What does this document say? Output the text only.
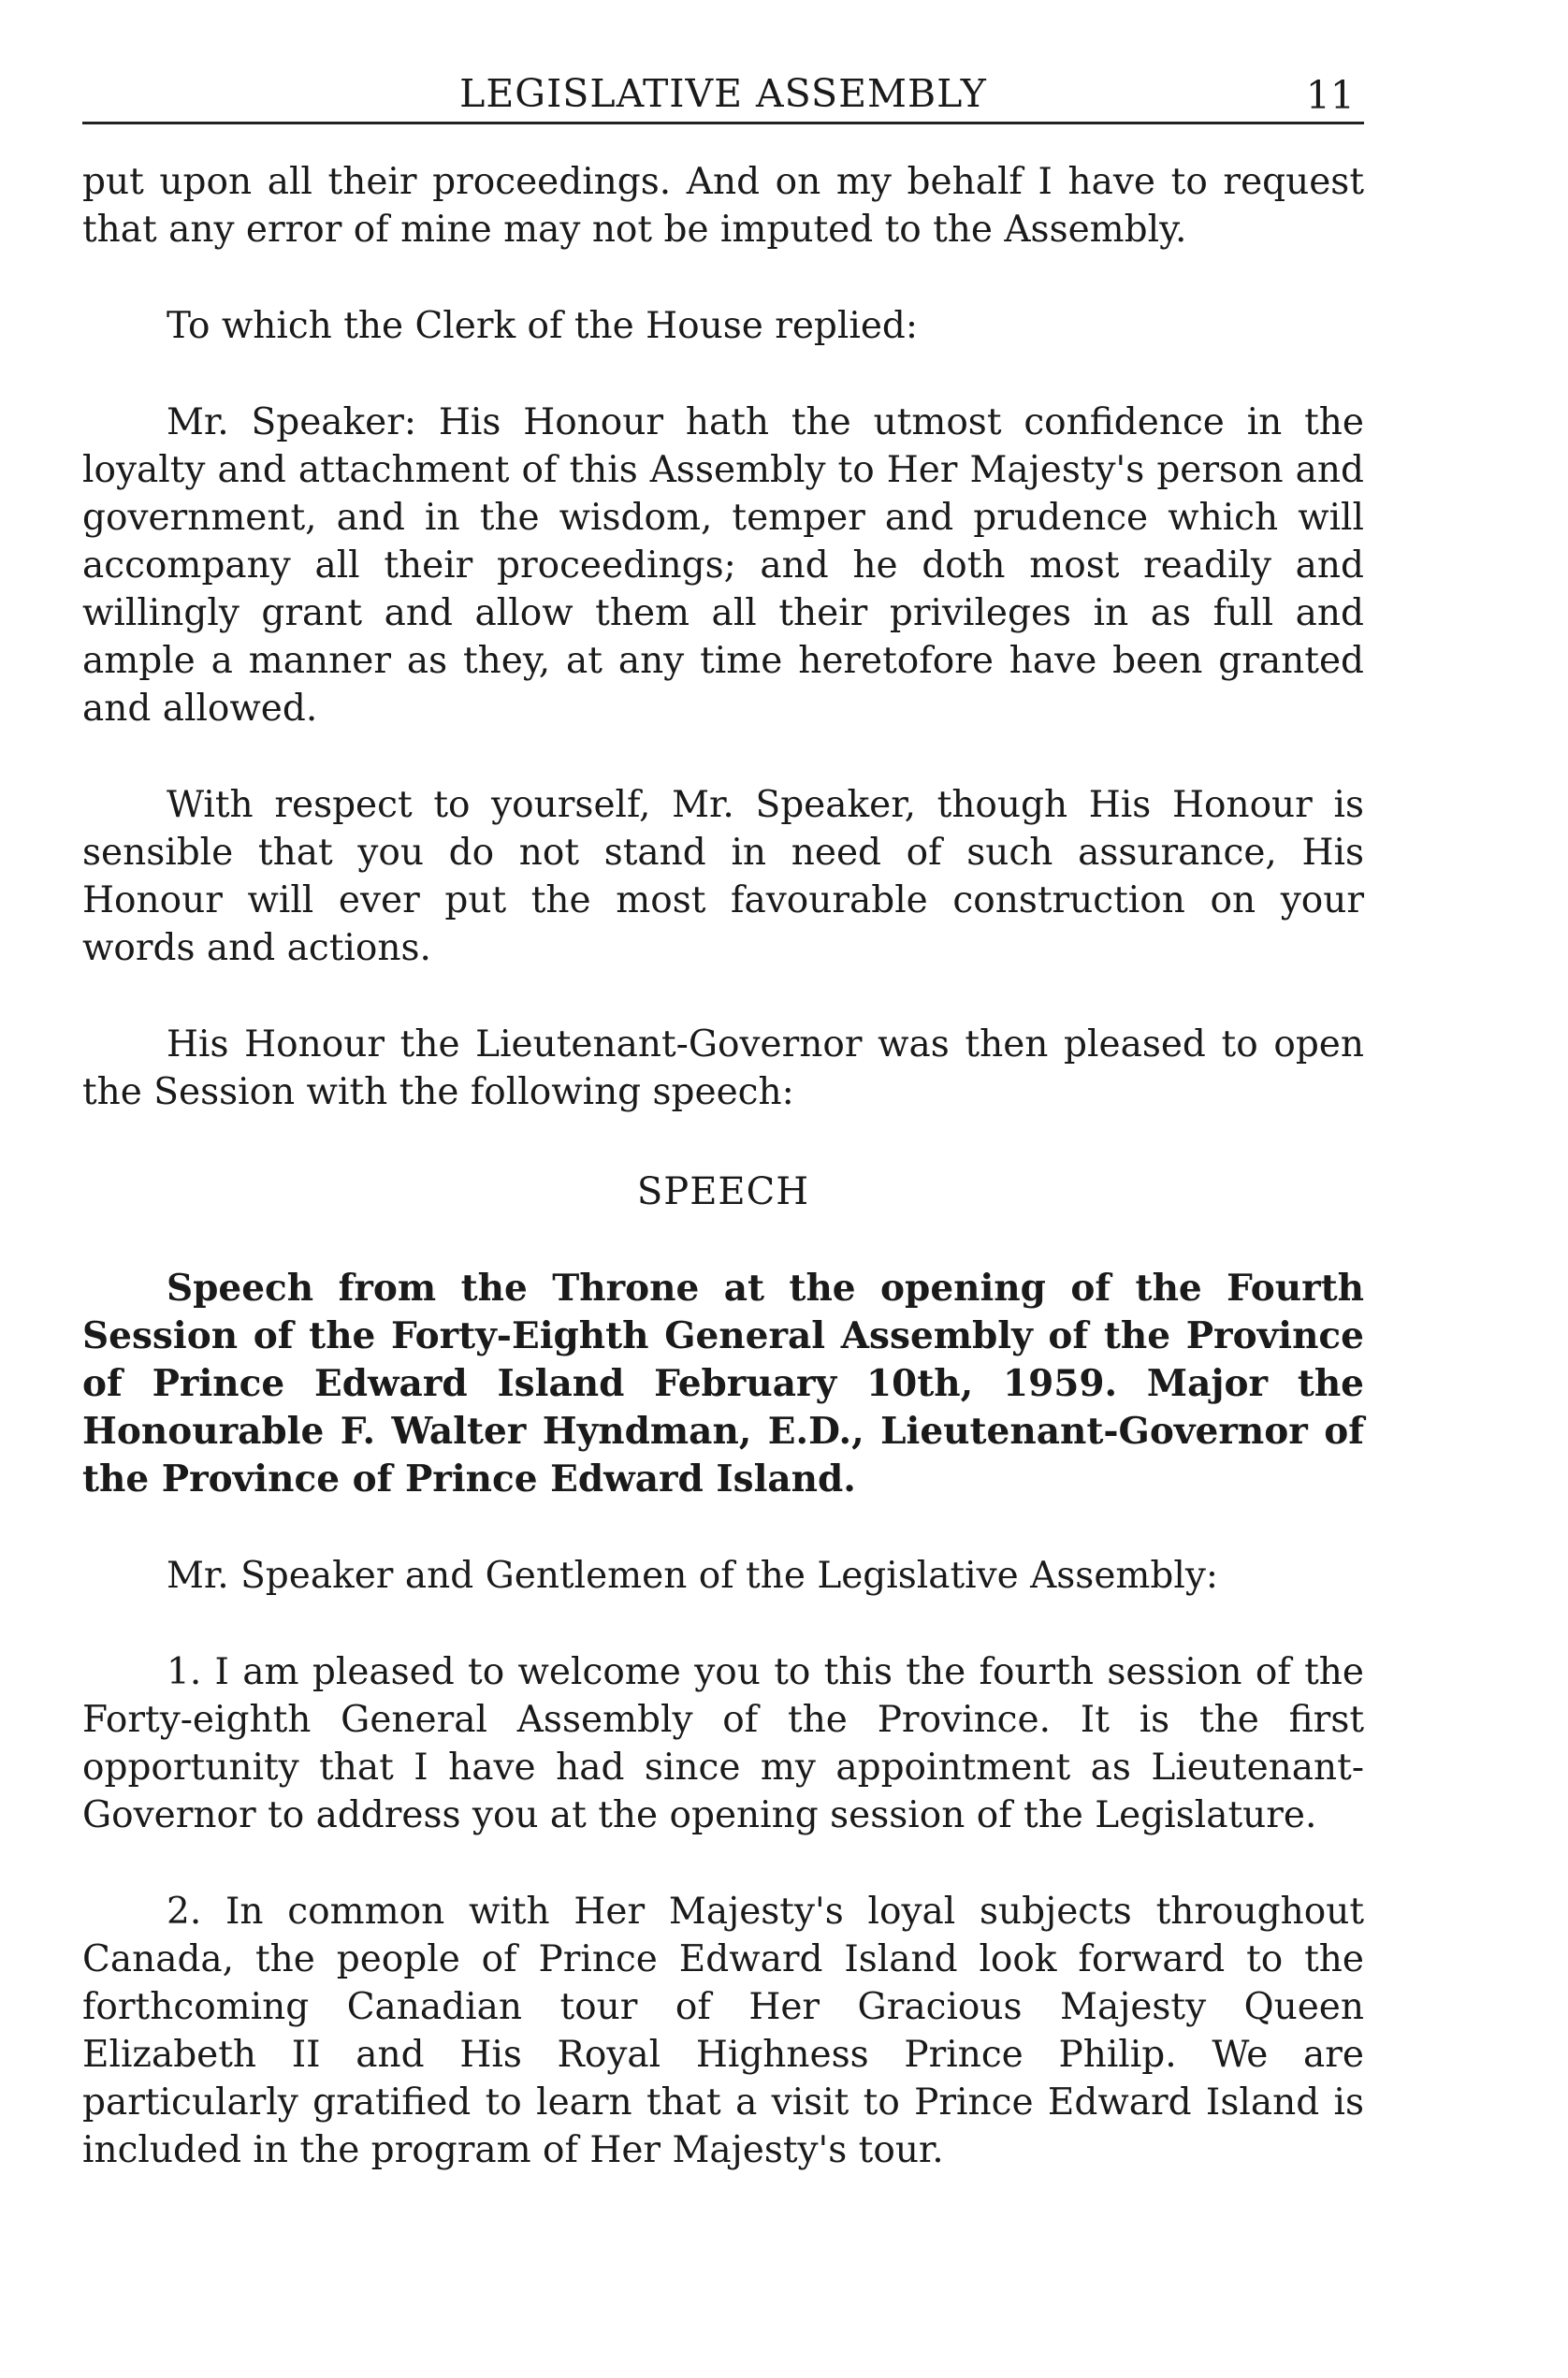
LEGISLATIVE ASSEMBLY	11

put upon all their proceedings. And on my behalf I have to request that any error of mine may not be imputed to the Assembly.

To which the Clerk of the House replied:

Mr. Speaker: His Honour hath the utmost confidence in the loyalty and attachment of this Assembly to Her Majesty's person and government, and in the wisdom, temper and prudence which will accompany all their proceedings; and he doth most readily and willingly grant and allow them all their privileges in as full and ample a manner as they, at any time heretofore have been granted and allowed.

With respect to yourself, Mr. Speaker, though His Honour is sensible that you do not stand in need of such assurance, His Honour will ever put the most favourable construction on your words and actions.

His Honour the Lieutenant-Governor was then pleased to open the Session with the following speech:

SPEECH

Speech from the Throne at the opening of the Fourth Session of the Forty-Eighth General Assembly of the Province of Prince Edward Island February 10th, 1959. Major the Honourable F. Walter Hyndman, E.D., Lieutenant-Governor of the Province of Prince Edward Island.

Mr. Speaker and Gentlemen of the Legislative Assembly:

1. I am pleased to welcome you to this the fourth session of the Forty-eighth General Assembly of the Province. It is the first opportunity that I have had since my appointment as Lieutenant-Governor to address you at the opening session of the Legislature.

2. In common with Her Majesty's loyal subjects throughout Canada, the people of Prince Edward Island look forward to the forthcoming Canadian tour of Her Gracious Majesty Queen Elizabeth II and His Royal Highness Prince Philip. We are particularly gratified to learn that a visit to Prince Edward Island is included in the program of Her Majesty's tour.
